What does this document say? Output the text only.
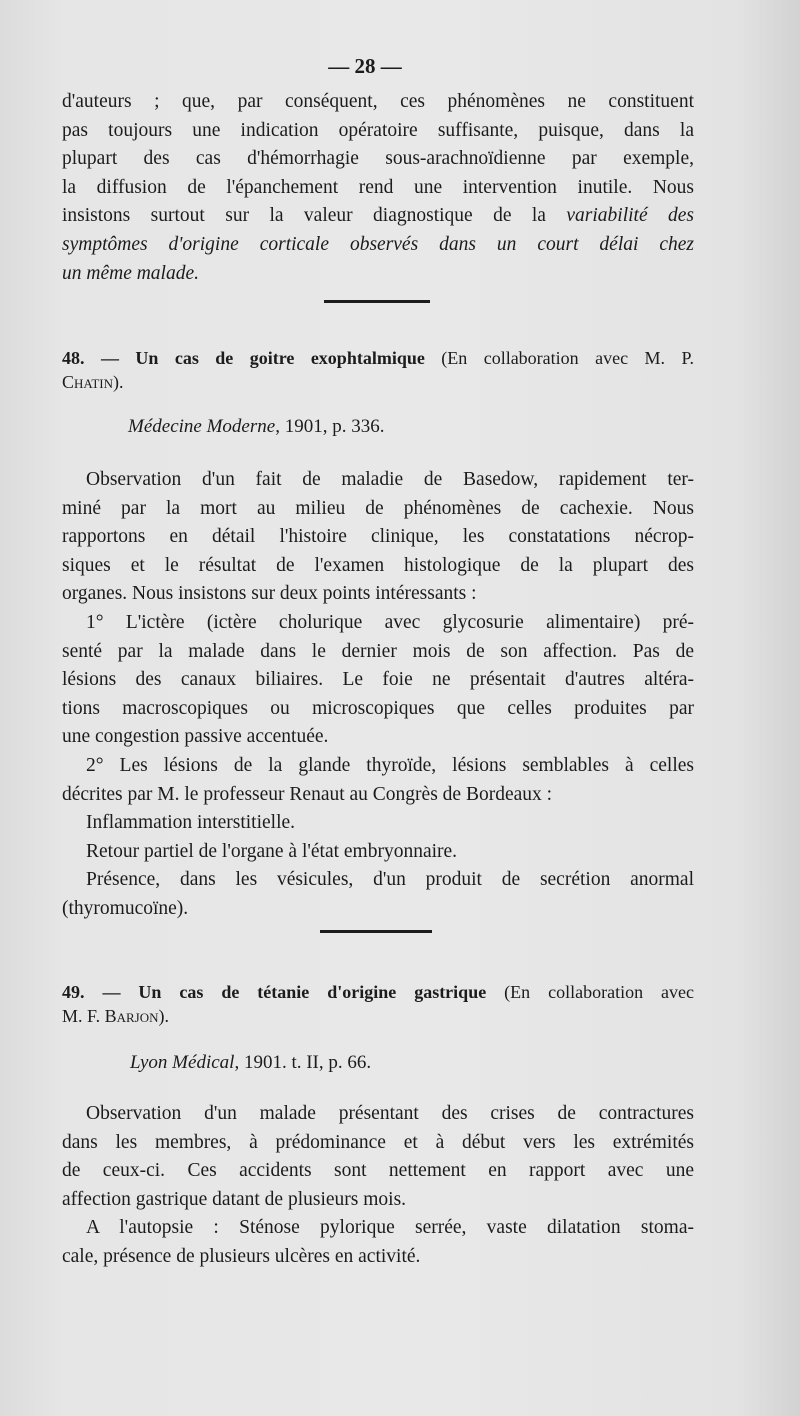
— 28 —
d'auteurs ; que, par conséquent, ces phénomènes ne constituent
pas toujours une indication opératoire suffisante, puisque, dans la
plupart des cas d'hémorrhagie sous-arachnoïdienne par exemple,
la diffusion de l'épanchement rend une intervention inutile. Nous
insistons surtout sur la valeur diagnostique de la variabilité des
symptômes d'origine corticale observés dans un court délai chez
un même malade.
48. — Un cas de goitre exophtalmique (En collaboration avec M. P.
Chatin).
Médecine Moderne, 1901, p. 336.
Observation d'un fait de maladie de Basedow, rapidement ter-
miné par la mort au milieu de phénomènes de cachexie. Nous
rapportons en détail l'histoire clinique, les constatations nécrop-
siques et le résultat de l'examen histologique de la plupart des
organes. Nous insistons sur deux points intéressants :
1° L'ictère (ictère cholurique avec glycosurie alimentaire) pré-
senté par la malade dans le dernier mois de son affection. Pas de
lésions des canaux biliaires. Le foie ne présentait d'autres altéra-
tions macroscopiques ou microscopiques que celles produites par
une congestion passive accentuée.
2° Les lésions de la glande thyroïde, lésions semblables à celles
décrites par M. le professeur Renaut au Congrès de Bordeaux :
Inflammation interstitielle.
Retour partiel de l'organe à l'état embryonnaire.
Présence, dans les vésicules, d'un produit de secrétion anormal
(thyromucoïne).
49. — Un cas de tétanie d'origine gastrique (En collaboration avec
M. F. Barjon).
Lyon Médical, 1901. t. II, p. 66.
Observation d'un malade présentant des crises de contractures
dans les membres, à prédominance et à début vers les extrémités
de ceux-ci. Ces accidents sont nettement en rapport avec une
affection gastrique datant de plusieurs mois.
A l'autopsie : Sténose pylorique serrée, vaste dilatation stoma-
cale, présence de plusieurs ulcères en activité.
